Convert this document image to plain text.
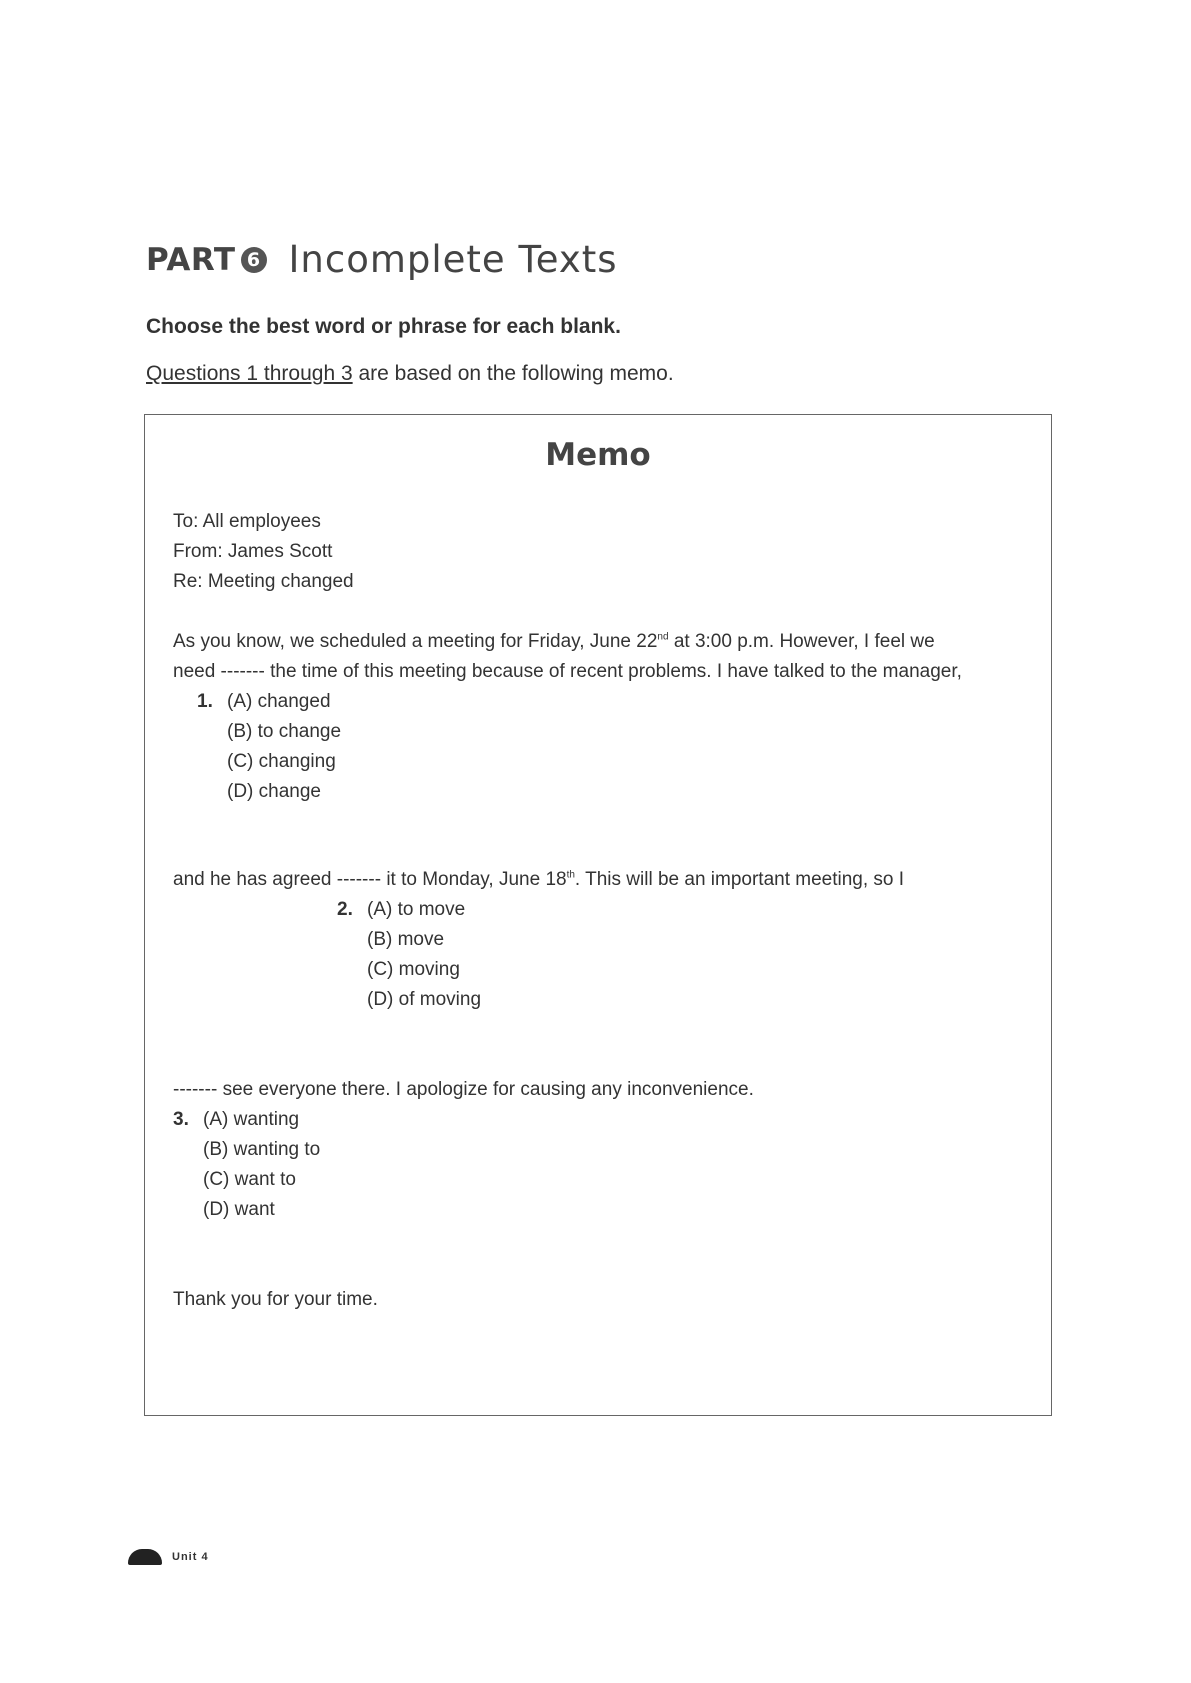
PART 6 Incomplete Texts
Choose the best word or phrase for each blank.
Questions 1 through 3 are based on the following memo.
Memo
To: All employees
From: James Scott
Re: Meeting changed
As you know, we scheduled a meeting for Friday, June 22nd at 3:00 p.m. However, I feel we
need ------- the time of this meeting because of recent problems. I have talked to the manager,
1. (A) changed
(B) to change
(C) changing
(D) change
and he has agreed ------- it to Monday, June 18th. This will be an important meeting, so I
2. (A) to move
(B) move
(C) moving
(D) of moving
------- see everyone there. I apologize for causing any inconvenience.
3. (A) wanting
(B) wanting to
(C) want to
(D) want
Thank you for your time.
Unit 4
